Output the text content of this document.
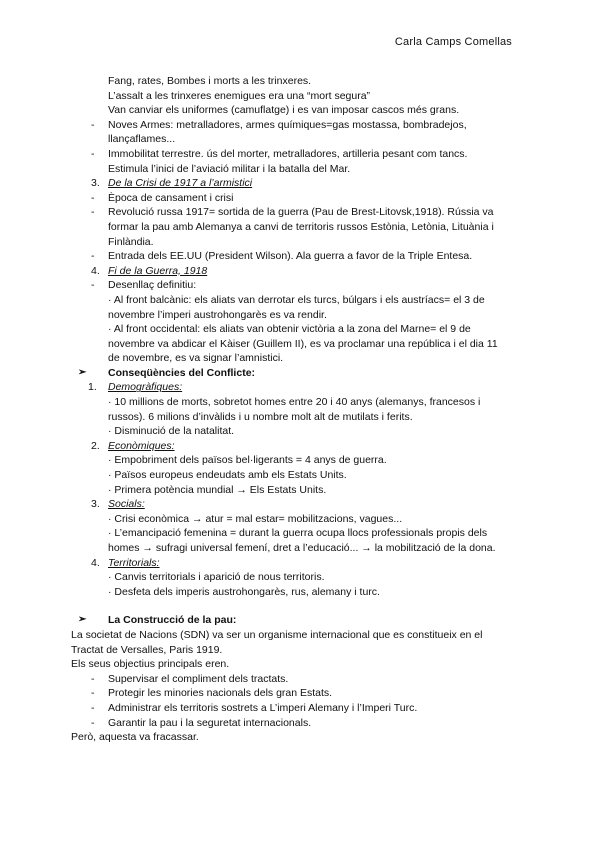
Carla Camps Comellas
Fang, rates, Bombes i morts a les trinxeres.
L’assalt a les trinxeres enemigues era una “mort segura”
Van canviar els uniformes (camuflatge) i es van imposar cascos més grans.
-	Noves Armes: metralladores, armes químiques=gas mostassa, bombradejos,
llançaflames...
-	Immobilitat terrestre. ús del morter, metralladores, artilleria pesant com tancs.
Estimula l’inici de l’aviació militar i la batalla del Mar.
3. De la Crisi de 1917 a l’armistici
-	Època de cansament i crisi
-	Revolució russa 1917= sortida de la guerra (Pau de Brest-Litovsk,1918). Rússia va
formar la pau amb Alemanya a canvi de territoris russos Estònia, Letònia, Lituània i
Finlàndia.
-	Entrada dels EE.UU (President Wilson). Ala guerra a favor de la Triple Entesa.
4. Fi de la Guerra, 1918
-	Desenllaç definitiu:
· Al front balcànic: els aliats van derrotar els turcs, búlgars i els austríacs= el 3 de
novembre l’imperi austrohongarès es va rendir.
· Al front occidental: els aliats van obtenir victòria a la zona del Marne= el 9 de
novembre va abdicar el Kàiser (Guillem II), es va proclamar una república i el dia 11
de novembre, es va signar l’amnistici.
➢ Conseqüències del Conflicte:
1. Demogràfiques:
· 10 millions de morts, sobretot homes entre 20 i 40 anys (alemanys, francesos i
russos). 6 milions d’invàlids i u nombre molt alt de mutilats i ferits.
· Disminució de la natalitat.
2. Econòmiques:
· Empobriment dels països bel·ligerants = 4 anys de guerra.
· Països europeus endeudats amb els Estats Units.
· Primera potència mundial → Els Estats Units.
3. Socials:
· Crisi econòmica → atur = mal estar= mobilitzacions, vagues...
· L’emancipació femenina = durant la guerra ocupa llocs professionals propis dels
homes → sufragi universal femení, dret a l’educació... → la mobilització de la dona.
4. Territorials:
· Canvis territorials i aparició de nous territoris.
· Desfeta dels imperis austrohongarès, rus, alemany i turc.
➢ La Construcció de la pau:
La societat de Nacions (SDN) va ser un organisme internacional que es constitueix en el
Tractat de Versalles, Paris 1919.
Els seus objectius principals eren.
-	Supervisar el compliment dels tractats.
-	Protegir les minories nacionals dels gran Estats.
-	Administrar els territoris sostrets a L’imperi Alemany i l’Imperi Turc.
-	Garantir la pau i la seguretat internacionals.
Però, aquesta va fracassar.
